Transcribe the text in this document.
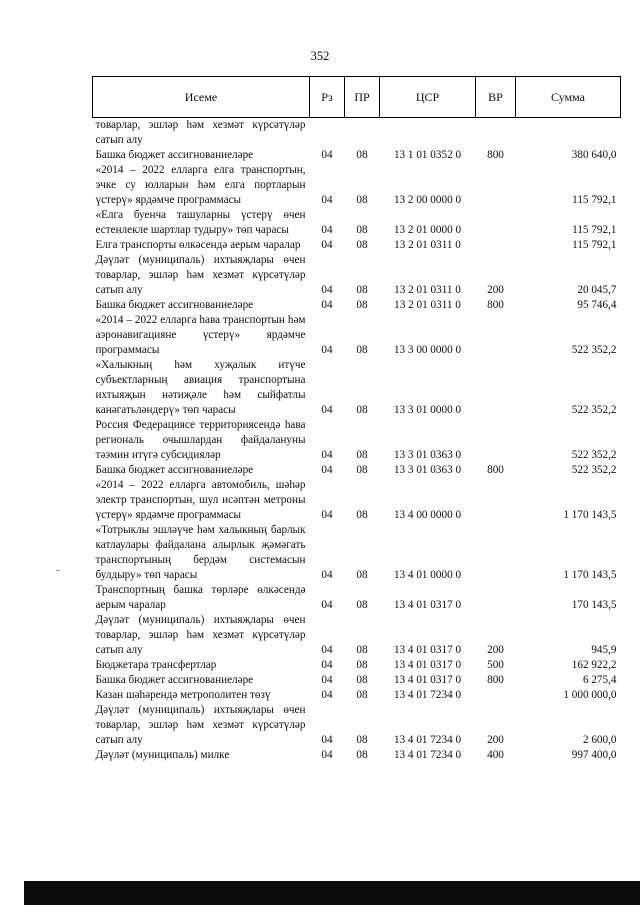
352
Исеме	Рз	ПР	ЦСР	ВР	Сумма
товарлар, эшләр һәм хезмәт күрсәтүләр сатып алу					
Башка бюджет ассигнованиеләре	04	08	13 1 01 0352 0	800	380 640,0
«2014 – 2022 елларга елга транспортын, эчке су юлларын һәм елга портларын үстерү» ярдәмче программасы	04	08	13 2 00 0000 0		115 792,1
«Елга буенча ташуларны үстерү өчен естенлекле шартлар тудыру» төп чарасы	04	08	13 2 01 0000 0		115 792,1
Елга транспорты өлкәсендә аерым чаралар	04	08	13 2 01 0311 0		115 792,1
Дәүләт (муниципаль) ихтыяҗлары өчен товарлар, эшләр һәм хезмәт күрсәтүләр сатып алу	04	08	13 2 01 0311 0	200	20 045,7
Башка бюджет ассигнованиеләре	04	08	13 2 01 0311 0	800	95 746,4
«2014 – 2022 елларга һава транспортын һәм аэронавигацияне үстерү» ярдәмче программасы	04	08	13 3 00 0000 0		522 352,2
«Халыкның һәм хуҗалык итүче субъектларның авиация транспортына ихтыяҗын нәтиҗәле һәм сыйфатлы канәгатьләндерү» төп чарасы	04	08	13 3 01 0000 0		522 352,2
Россия Федерациясе территориясендә һава региональ очышлардан файдалануны тәэмин итүгә субсидияләр	04	08	13 3 01 0363 0		522 352,2
Башка бюджет ассигнованиеләре	04	08	13 3 01 0363 0	800	522 352,2
«2014 – 2022 елларга автомобиль, шәһәр электр транспортын, шул исәптән метроны үстерү» ярдәмче программасы	04	08	13 4 00 0000 0		1 170 143,5
«Тотрыклы эшләүче һәм халыкның барлык катлаулары файдалана алырлык җәмәгать транспортының бердәм системасын булдыру» төп чарасы	04	08	13 4 01 0000 0		1 170 143,5
Транспортның башка төрләре өлкәсендә аерым чаралар	04	08	13 4 01 0317 0		170 143,5
Дәүләт (муниципаль) ихтыяҗлары өчен товарлар, эшләр һәм хезмәт күрсәтүләр сатып алу	04	08	13 4 01 0317 0	200	945,9
Бюджетара трансфертлар	04	08	13 4 01 0317 0	500	162 922,2
Башка бюджет ассигнованиеләре	04	08	13 4 01 0317 0	800	6 275,4
Казан шәһәрендә метрополитен төзү	04	08	13 4 01 7234 0		1 000 000,0
Дәүләт (муниципаль) ихтыяҗлары өчен товарлар, эшләр һәм хезмәт күрсәтүләр сатып алу	04	08	13 4 01 7234 0	200	2 600,0
Дәүләт (муниципаль) милке	04	08	13 4 01 7234 0	400	997 400,0
‑
